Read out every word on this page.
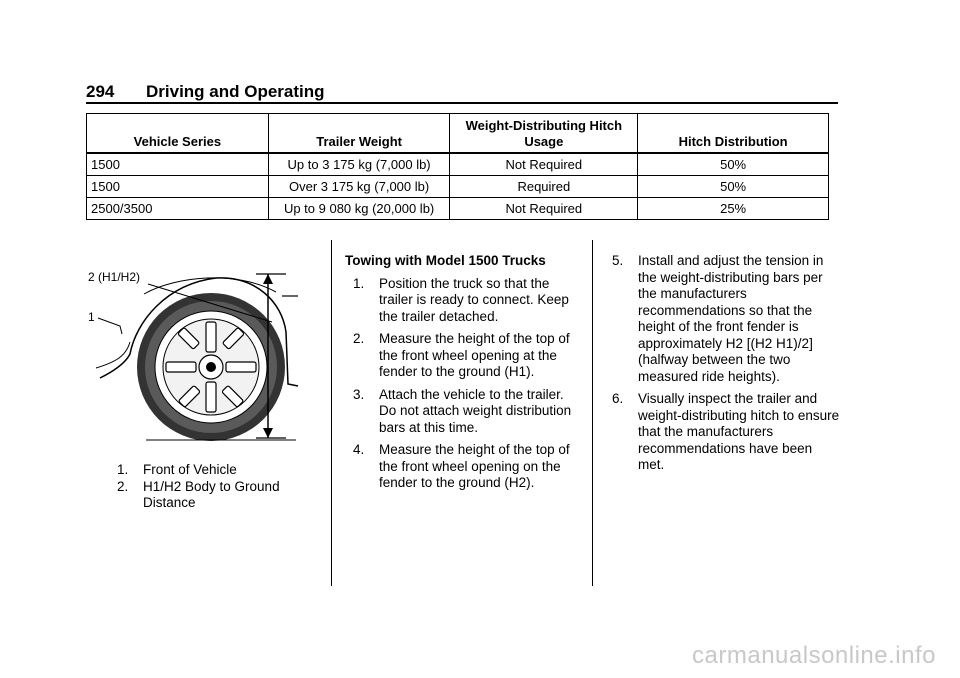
294 Driving and Operating
Vehicle Series	Trailer Weight	Weight-Distributing Hitch Usage	Hitch Distribution
1500	Up to 3 175 kg (7,000 lb)	Not Required	50%
1500	Over 3 175 kg (7,000 lb)	Required	50%
2500/3500	Up to 9 080 kg (20,000 lb)	Not Required	25%
2 (H1/H2)
1
1. Front of Vehicle
2. H1/H2 Body to Ground Distance
Towing with Model 1500 Trucks
1.	Position the truck so that the trailer is ready to connect. Keep the trailer detached.
2.	Measure the height of the top of the front wheel opening at the fender to the ground (H1).
3.	Attach the vehicle to the trailer. Do not attach weight distribution bars at this time.
4.	Measure the height of the top of the front wheel opening on the fender to the ground (H2).
5. Install and adjust the tension in the weight-distributing bars per the manufacturers recommendations so that the height of the front fender is approximately H2 [(H2 H1)/2] (halfway between the two measured ride heights).
6. Visually inspect the trailer and weight-distributing hitch to ensure that the manufacturers recommendations have been met.
carmanualsonline.info
